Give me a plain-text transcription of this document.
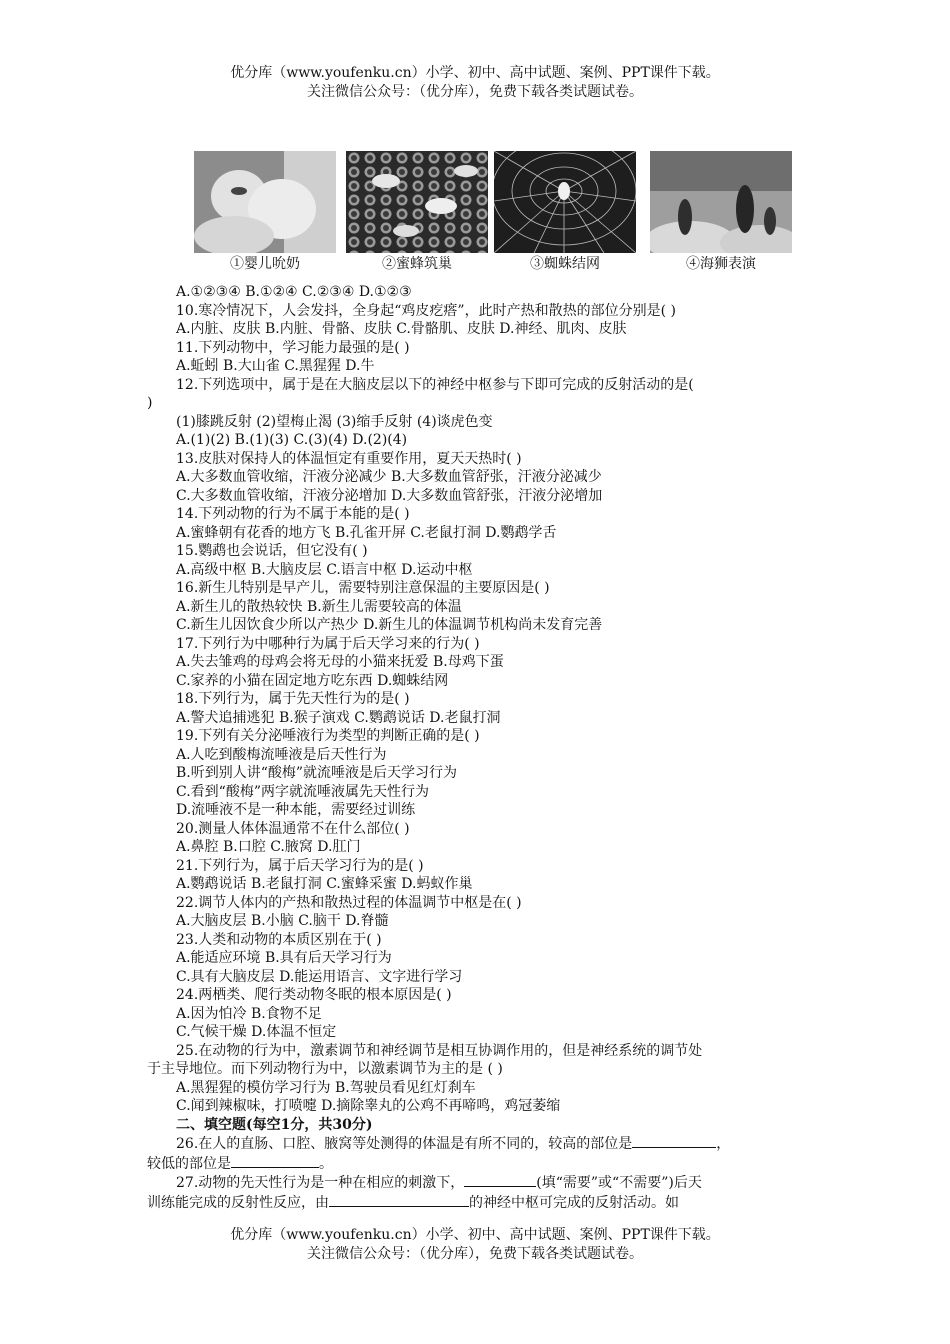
优分库（www.youfenku.cn）小学、初中、高中试题、案例、PPT课件下载。
关注微信公众号：（优分库），免费下载各类试题试卷。
①婴儿吮奶	②蜜蜂筑巢	③蜘蛛结网	④海狮表演
A.①②③④ B.①②④ C.②③④ D.①②③
10.寒冷情况下，人会发抖，全身起“鸡皮疙瘩”，此时产热和散热的部位分别是( )
A.内脏、皮肤 B.内脏、骨骼、皮肤 C.骨骼肌、皮肤 D.神经、肌肉、皮肤
11.下列动物中，学习能力最强的是( )
A.蚯蚓 B.大山雀 C.黑猩猩 D.牛
12.下列选项中，属于是在大脑皮层以下的神经中枢参与下即可完成的反射活动的是(
)
(1)膝跳反射 (2)望梅止渴 (3)缩手反射 (4)谈虎色变
A.(1)(2) B.(1)(3) C.(3)(4) D.(2)(4)
13.皮肤对保持人的体温恒定有重要作用，夏天天热时( )
A.大多数血管收缩，汗液分泌减少 B.大多数血管舒张，汗液分泌减少
C.大多数血管收缩，汗液分泌增加 D.大多数血管舒张，汗液分泌增加
14.下列动物的行为不属于本能的是( )
A.蜜蜂朝有花香的地方飞 B.孔雀开屏 C.老鼠打洞 D.鹦鹉学舌
15.鹦鹉也会说话，但它没有( )
A.高级中枢 B.大脑皮层 C.语言中枢 D.运动中枢
16.新生儿特别是早产儿，需要特别注意保温的主要原因是( )
A.新生儿的散热较快 B.新生儿需要较高的体温
C.新生儿因饮食少所以产热少 D.新生儿的体温调节机构尚未发育完善
17.下列行为中哪种行为属于后天学习来的行为( )
A.失去雏鸡的母鸡会将无母的小猫来抚爱 B.母鸡下蛋
C.家养的小猫在固定地方吃东西 D.蜘蛛结网
18.下列行为，属于先天性行为的是( )
A.警犬追捕逃犯 B.猴子演戏 C.鹦鹉说话 D.老鼠打洞
19.下列有关分泌唾液行为类型的判断正确的是( )
A.人吃到酸梅流唾液是后天性行为
B.听到别人讲“酸梅”就流唾液是后天学习行为
C.看到“酸梅”两字就流唾液属先天性行为
D.流唾液不是一种本能，需要经过训练
20.测量人体体温通常不在什么部位( )
A.鼻腔 B.口腔 C.腋窝 D.肛门
21.下列行为，属于后天学习行为的是( )
A.鹦鹉说话 B.老鼠打洞 C.蜜蜂采蜜 D.蚂蚁作巢
22.调节人体内的产热和散热过程的体温调节中枢是在( )
A.大脑皮层 B.小脑 C.脑干 D.脊髓
23.人类和动物的本质区别在于( )
A.能适应环境 B.具有后天学习行为
C.具有大脑皮层 D.能运用语言、文字进行学习
24.两栖类、爬行类动物冬眠的根本原因是( )
A.因为怕冷 B.食物不足
C.气候干燥 D.体温不恒定
25.在动物的行为中，激素调节和神经调节是相互协调作用的，但是神经系统的调节处
于主导地位。而下列动物行为中，以激素调节为主的是 ( )
A.黑猩猩的模仿学习行为 B.驾驶员看见红灯刹车
C.闻到辣椒味，打喷嚏 D.摘除睾丸的公鸡不再啼鸣，鸡冠萎缩
二、填空题(每空1分，共30分)
26.在人的直肠、口腔、腋窝等处测得的体温是有所不同的，较高的部位是	，
较低的部位是	。
27.动物的先天性行为是一种在相应的刺激下，	(填“需要”或“不需要”)后天
训练能完成的反射性反应，由	的神经中枢可完成的反射活动。如
优分库（www.youfenku.cn）小学、初中、高中试题、案例、PPT课件下载。
关注微信公众号：（优分库），免费下载各类试题试卷。
